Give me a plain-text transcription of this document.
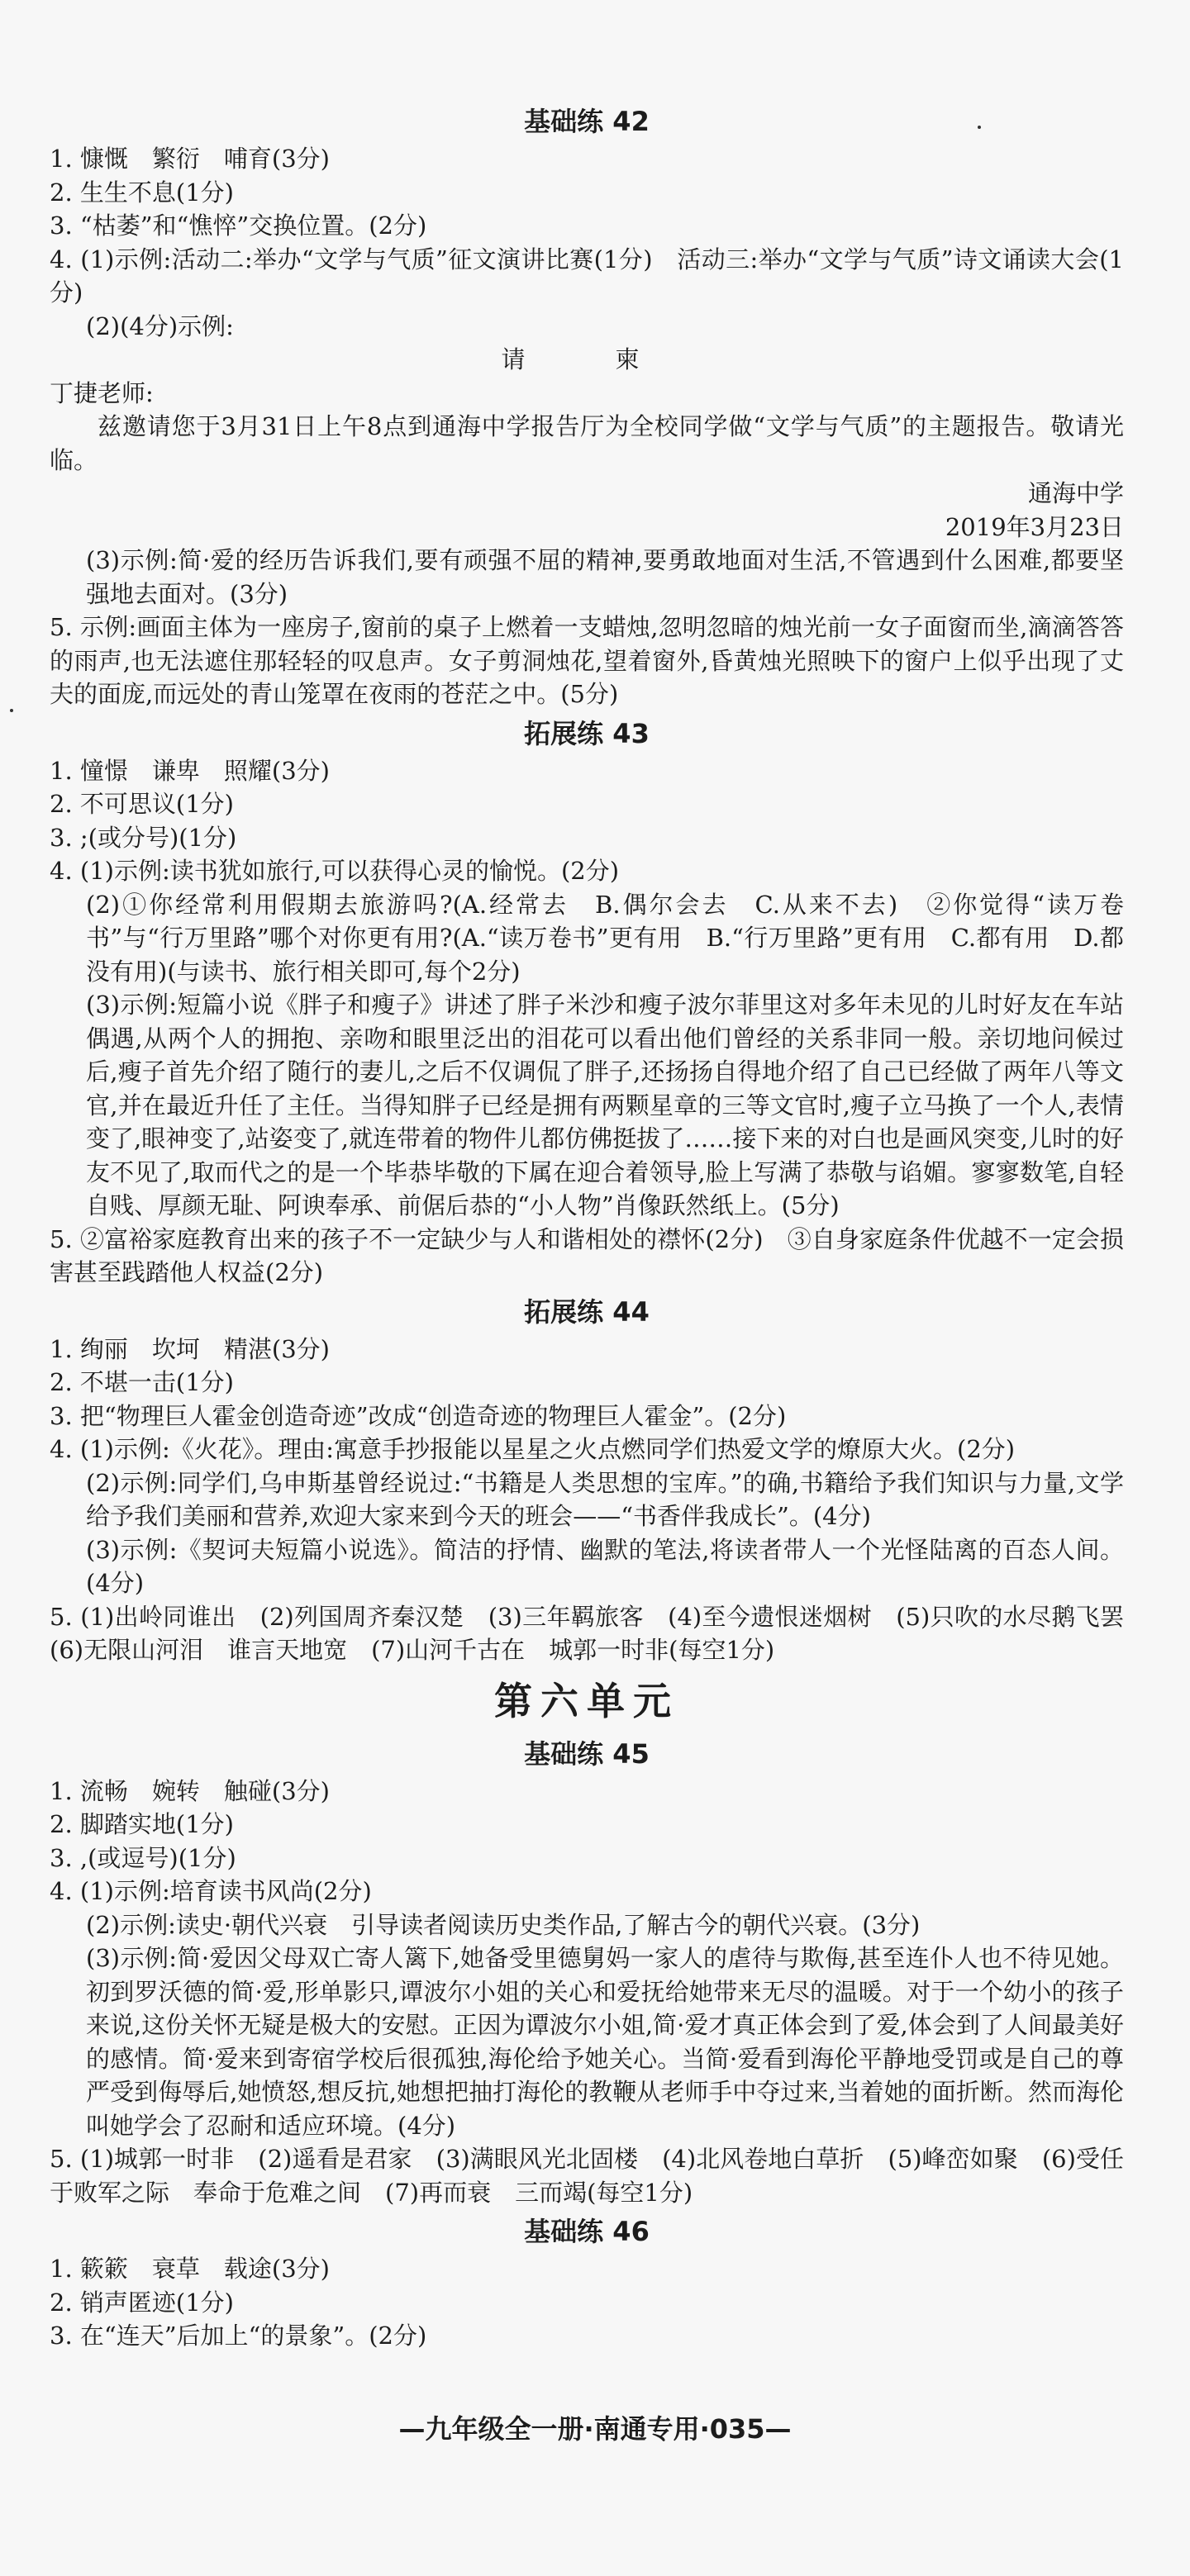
基础练 42
1. 慷慨　繁衍　哺育(3分)
2. 生生不息(1分)
3. “枯萎”和“憔悴”交换位置。(2分)
4. (1)示例:活动二:举办“文学与气质”征文演讲比赛(1分)　活动三:举办“文学与气质”诗文诵读大会(1分)
(2)(4分)示例:
请　柬
丁捷老师:
兹邀请您于3月31日上午8点到通海中学报告厅为全校同学做“文学与气质”的主题报告。敬请光临。
通海中学
2019年3月23日
(3)示例:简·爱的经历告诉我们,要有顽强不屈的精神,要勇敢地面对生活,不管遇到什么困难,都要坚强地去面对。(3分)
5. 示例:画面主体为一座房子,窗前的桌子上燃着一支蜡烛,忽明忽暗的烛光前一女子面窗而坐,滴滴答答的雨声,也无法遮住那轻轻的叹息声。女子剪洞烛花,望着窗外,昏黄烛光照映下的窗户上似乎出现了丈夫的面庞,而远处的青山笼罩在夜雨的苍茫之中。(5分)
拓展练 43
1. 憧憬　谦卑　照耀(3分)
2. 不可思议(1分)
3. ;(或分号)(1分)
4. (1)示例:读书犹如旅行,可以获得心灵的愉悦。(2分)
(2)①你经常利用假期去旅游吗?(A.经常去　B.偶尔会去　C.从来不去)　②你觉得“读万卷书”与“行万里路”哪个对你更有用?(A.“读万卷书”更有用　B.“行万里路”更有用　C.都有用　D.都没有用)(与读书、旅行相关即可,每个2分)
(3)示例:短篇小说《胖子和瘦子》讲述了胖子米沙和瘦子波尔菲里这对多年未见的儿时好友在车站偶遇,从两个人的拥抱、亲吻和眼里泛出的泪花可以看出他们曾经的关系非同一般。亲切地问候过后,瘦子首先介绍了随行的妻儿,之后不仅调侃了胖子,还扬扬自得地介绍了自己已经做了两年八等文官,并在最近升任了主任。当得知胖子已经是拥有两颗星章的三等文官时,瘦子立马换了一个人,表情变了,眼神变了,站姿变了,就连带着的物件儿都仿佛挺拔了……接下来的对白也是画风突变,儿时的好友不见了,取而代之的是一个毕恭毕敬的下属在迎合着领导,脸上写满了恭敬与谄媚。寥寥数笔,自轻自贱、厚颜无耻、阿谀奉承、前倨后恭的“小人物”肖像跃然纸上。(5分)
5. ②富裕家庭教育出来的孩子不一定缺少与人和谐相处的襟怀(2分)　③自身家庭条件优越不一定会损害甚至践踏他人权益(2分)
拓展练 44
1. 绚丽　坎坷　精湛(3分)
2. 不堪一击(1分)
3. 把“物理巨人霍金创造奇迹”改成“创造奇迹的物理巨人霍金”。(2分)
4. (1)示例:《火花》。理由:寓意手抄报能以星星之火点燃同学们热爱文学的燎原大火。(2分)
(2)示例:同学们,乌申斯基曾经说过:“书籍是人类思想的宝库。”的确,书籍给予我们知识与力量,文学给予我们美丽和营养,欢迎大家来到今天的班会——“书香伴我成长”。(4分)
(3)示例:《契诃夫短篇小说选》。简洁的抒情、幽默的笔法,将读者带人一个光怪陆离的百态人间。(4分)
5. (1)出岭同谁出　(2)列国周齐秦汉楚　(3)三年羁旅客　(4)至今遗恨迷烟树　(5)只吹的水尽鹅飞罢　(6)无限山河泪　谁言天地宽　(7)山河千古在　城郭一时非(每空1分)
第六单元
基础练 45
1. 流畅　婉转　触碰(3分)
2. 脚踏实地(1分)
3. ,(或逗号)(1分)
4. (1)示例:培育读书风尚(2分)
(2)示例:读史·朝代兴衰　引导读者阅读历史类作品,了解古今的朝代兴衰。(3分)
(3)示例:简·爱因父母双亡寄人篱下,她备受里德舅妈一家人的虐待与欺侮,甚至连仆人也不待见她。初到罗沃德的简·爱,形单影只,谭波尔小姐的关心和爱抚给她带来无尽的温暖。对于一个幼小的孩子来说,这份关怀无疑是极大的安慰。正因为谭波尔小姐,简·爱才真正体会到了爱,体会到了人间最美好的感情。简·爱来到寄宿学校后很孤独,海伦给予她关心。当简·爱看到海伦平静地受罚或是自己的尊严受到侮辱后,她愤怒,想反抗,她想把抽打海伦的教鞭从老师手中夺过来,当着她的面折断。然而海伦叫她学会了忍耐和适应环境。(4分)
5. (1)城郭一时非　(2)遥看是君家　(3)满眼风光北固楼　(4)北风卷地白草折　(5)峰峦如聚　(6)受任于败军之际　奉命于危难之间　(7)再而衰　三而竭(每空1分)
基础练 46
1. 簌簌　衰草　载途(3分)
2. 销声匿迹(1分)
3. 在“连天”后加上“的景象”。(2分)
—九年级全一册·南通专用·035—
